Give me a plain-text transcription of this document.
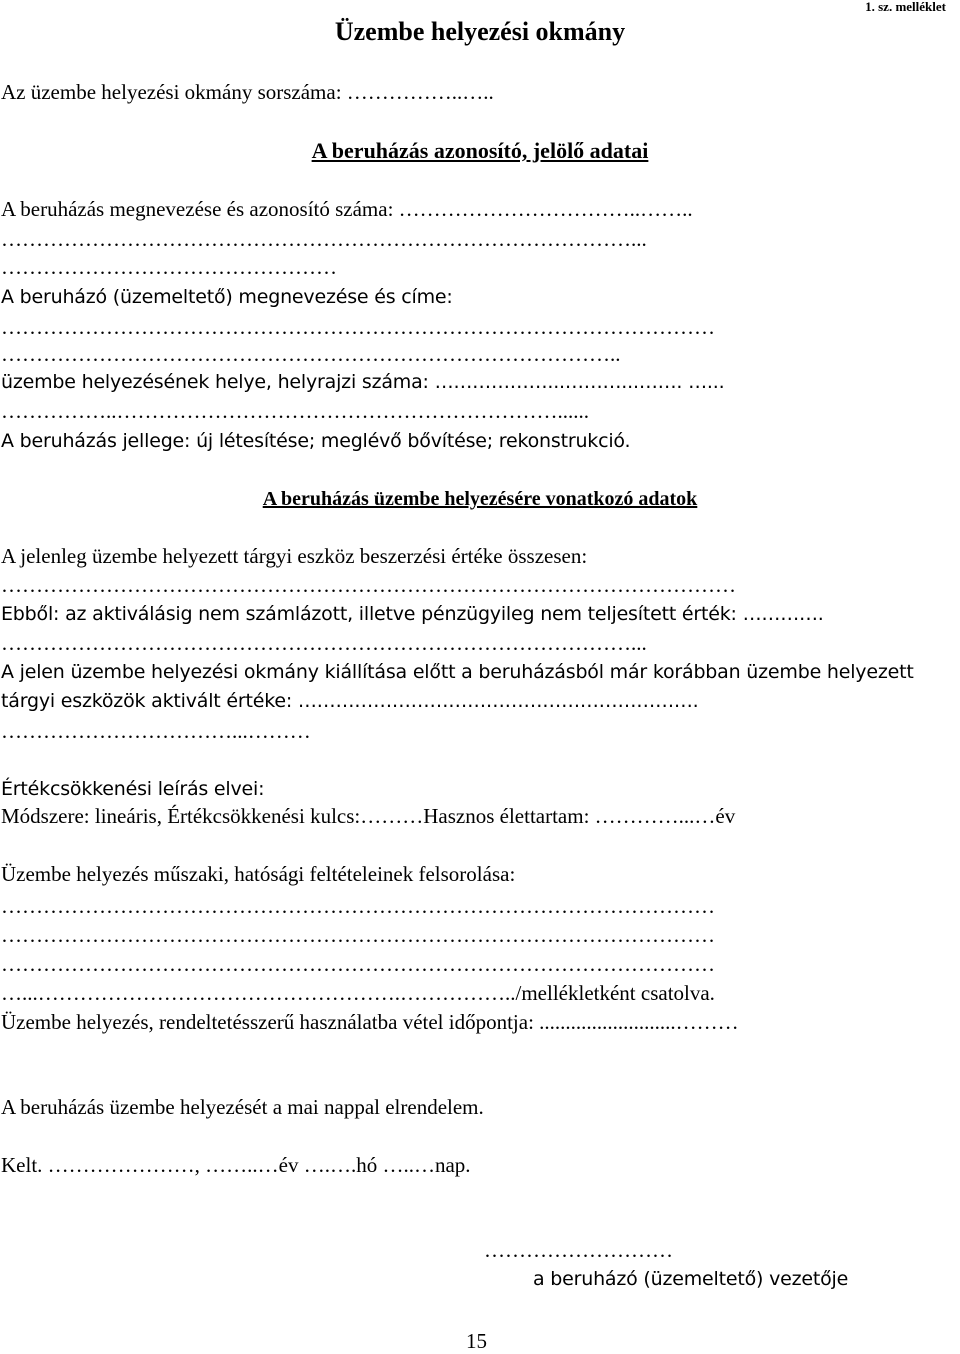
1. sz. melléklet
Üzembe helyezési okmány
Az üzembe helyezési okmány sorszáma: ……………..…..
A beruházás azonosító, jelölő adatai
A beruházás megnevezése és azonosító száma: ……………………………..……..
………………………………………………………………………………...
…………………………………………
A beruházó (üzemeltető) megnevezése és címe:
…………………………………………………………………………………………
……………………………………………………………………………..
üzembe helyezésének helye, helyrajzi száma: ………………...………...……. …...
……………..………………………………………………………......
A beruházás jellege: új létesítése; meglévő bővítése; rekonstrukció.
A beruházás üzembe helyezésére vonatkozó adatok
A jelenleg üzembe helyezett tárgyi eszköz beszerzési értéke összesen:
……………………………………………………………………………………………
Ebből: az aktiválásig nem számlázott, illetve pénzügyileg nem teljesített érték: ………….
………………………………………………………………………………...
A jelen üzembe helyezési okmány kiállítása előtt a beruházásból már korábban üzembe helyezett
tárgyi eszközök aktivált értéke: ……………………………………………………….
……………………………...………
Értékcsökkenési leírás elvei:
Módszere: lineáris, Értékcsökkenési kulcs:………Hasznos élettartam: …………...…év
Üzembe helyezés műszaki, hatósági feltételeinek felsorolása:
…………………………………………………………………………………………
…………………………………………………………………………………………
…………………………………………………………………………………………
…...…………………………………………….……………../mellékletként csatolva.
Üzembe helyezés, rendeltetésszerű használatba vétel időpontja: ..........................………
A beruházás üzembe helyezését a mai nappal elrendelem.
Kelt. …………………, ……..…év ….….hó …..…nap.
………………………
a beruházó (üzemeltető) vezetője
15
